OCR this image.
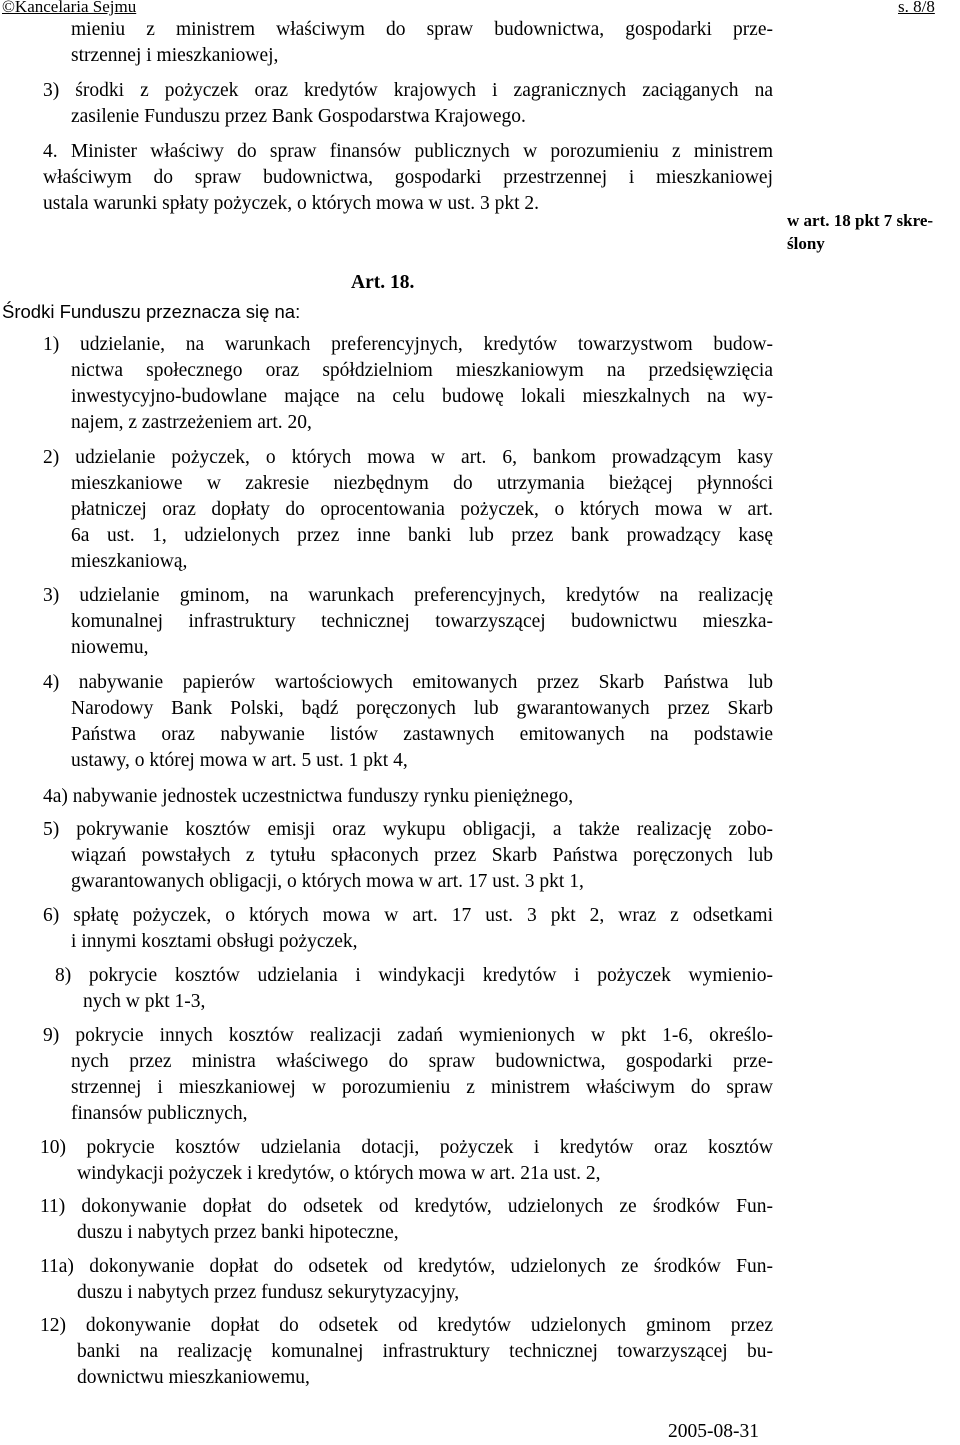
©Kancelaria Sejmu	s. 8/8
mieniu z ministrem właściwym do spraw budownictwa, gospodarki prze-
strzennej i mieszkaniowej,
3) środki z pożyczek oraz kredytów krajowych i zagranicznych zaciąganych na
zasilenie Funduszu przez Bank Gospodarstwa Krajowego.
4. Minister właściwy do spraw finansów publicznych w porozumieniu z ministrem
właściwym do spraw budownictwa, gospodarki przestrzennej i mieszkaniowej
ustala warunki spłaty pożyczek, o których mowa w ust. 3 pkt 2.
w art. 18 pkt 7 skre-
ślony
Art. 18.
Środki Funduszu przeznacza się na:
1) udzielanie, na warunkach preferencyjnych, kredytów towarzystwom budow-
nictwa społecznego oraz spółdzielniom mieszkaniowym na przedsięwzięcia
inwestycyjno-budowlane mające na celu budowę lokali mieszkalnych na wy-
najem, z zastrzeżeniem art. 20,
2) udzielanie pożyczek, o których mowa w art. 6, bankom prowadzącym kasy
mieszkaniowe w zakresie niezbędnym do utrzymania bieżącej płynności
płatniczej oraz dopłaty do oprocentowania pożyczek, o których mowa w art.
6a ust. 1, udzielonych przez inne banki lub przez bank prowadzący kasę
mieszkaniową,
3) udzielanie gminom, na warunkach preferencyjnych, kredytów na realizację
komunalnej infrastruktury technicznej towarzyszącej budownictwu mieszka-
niowemu,
4) nabywanie papierów wartościowych emitowanych przez Skarb Państwa lub
Narodowy Bank Polski, bądź poręczonych lub gwarantowanych przez Skarb
Państwa oraz nabywanie listów zastawnych emitowanych na podstawie
ustawy, o której mowa w art. 5 ust. 1 pkt 4,
4a) nabywanie jednostek uczestnictwa funduszy rynku pieniężnego,
5) pokrywanie kosztów emisji oraz wykupu obligacji, a także realizację zobo-
wiązań powstałych z tytułu spłaconych przez Skarb Państwa poręczonych lub
gwarantowanych obligacji, o których mowa w art. 17 ust. 3 pkt 1,
6) spłatę pożyczek, o których mowa w art. 17 ust. 3 pkt 2, wraz z odsetkami
i innymi kosztami obsługi pożyczek,
8) pokrycie kosztów udzielania i windykacji kredytów i pożyczek wymienio-
nych w pkt 1-3,
9) pokrycie innych kosztów realizacji zadań wymienionych w pkt 1-6, określo-
nych przez ministra właściwego do spraw budownictwa, gospodarki prze-
strzennej i mieszkaniowej w porozumieniu z ministrem właściwym do spraw
finansów publicznych,
10) pokrycie kosztów udzielania dotacji, pożyczek i kredytów oraz kosztów
windykacji pożyczek i kredytów, o których mowa w art. 21a ust. 2,
11) dokonywanie dopłat do odsetek od kredytów, udzielonych ze środków Fun-
duszu i nabytych przez banki hipoteczne,
11a) dokonywanie dopłat do odsetek od kredytów, udzielonych ze środków Fun-
duszu i nabytych przez fundusz sekurytyzacyjny,
12) dokonywanie dopłat do odsetek od kredytów udzielonych gminom przez
banki na realizację komunalnej infrastruktury technicznej towarzyszącej bu-
downictwu mieszkaniowemu,
2005-08-31
